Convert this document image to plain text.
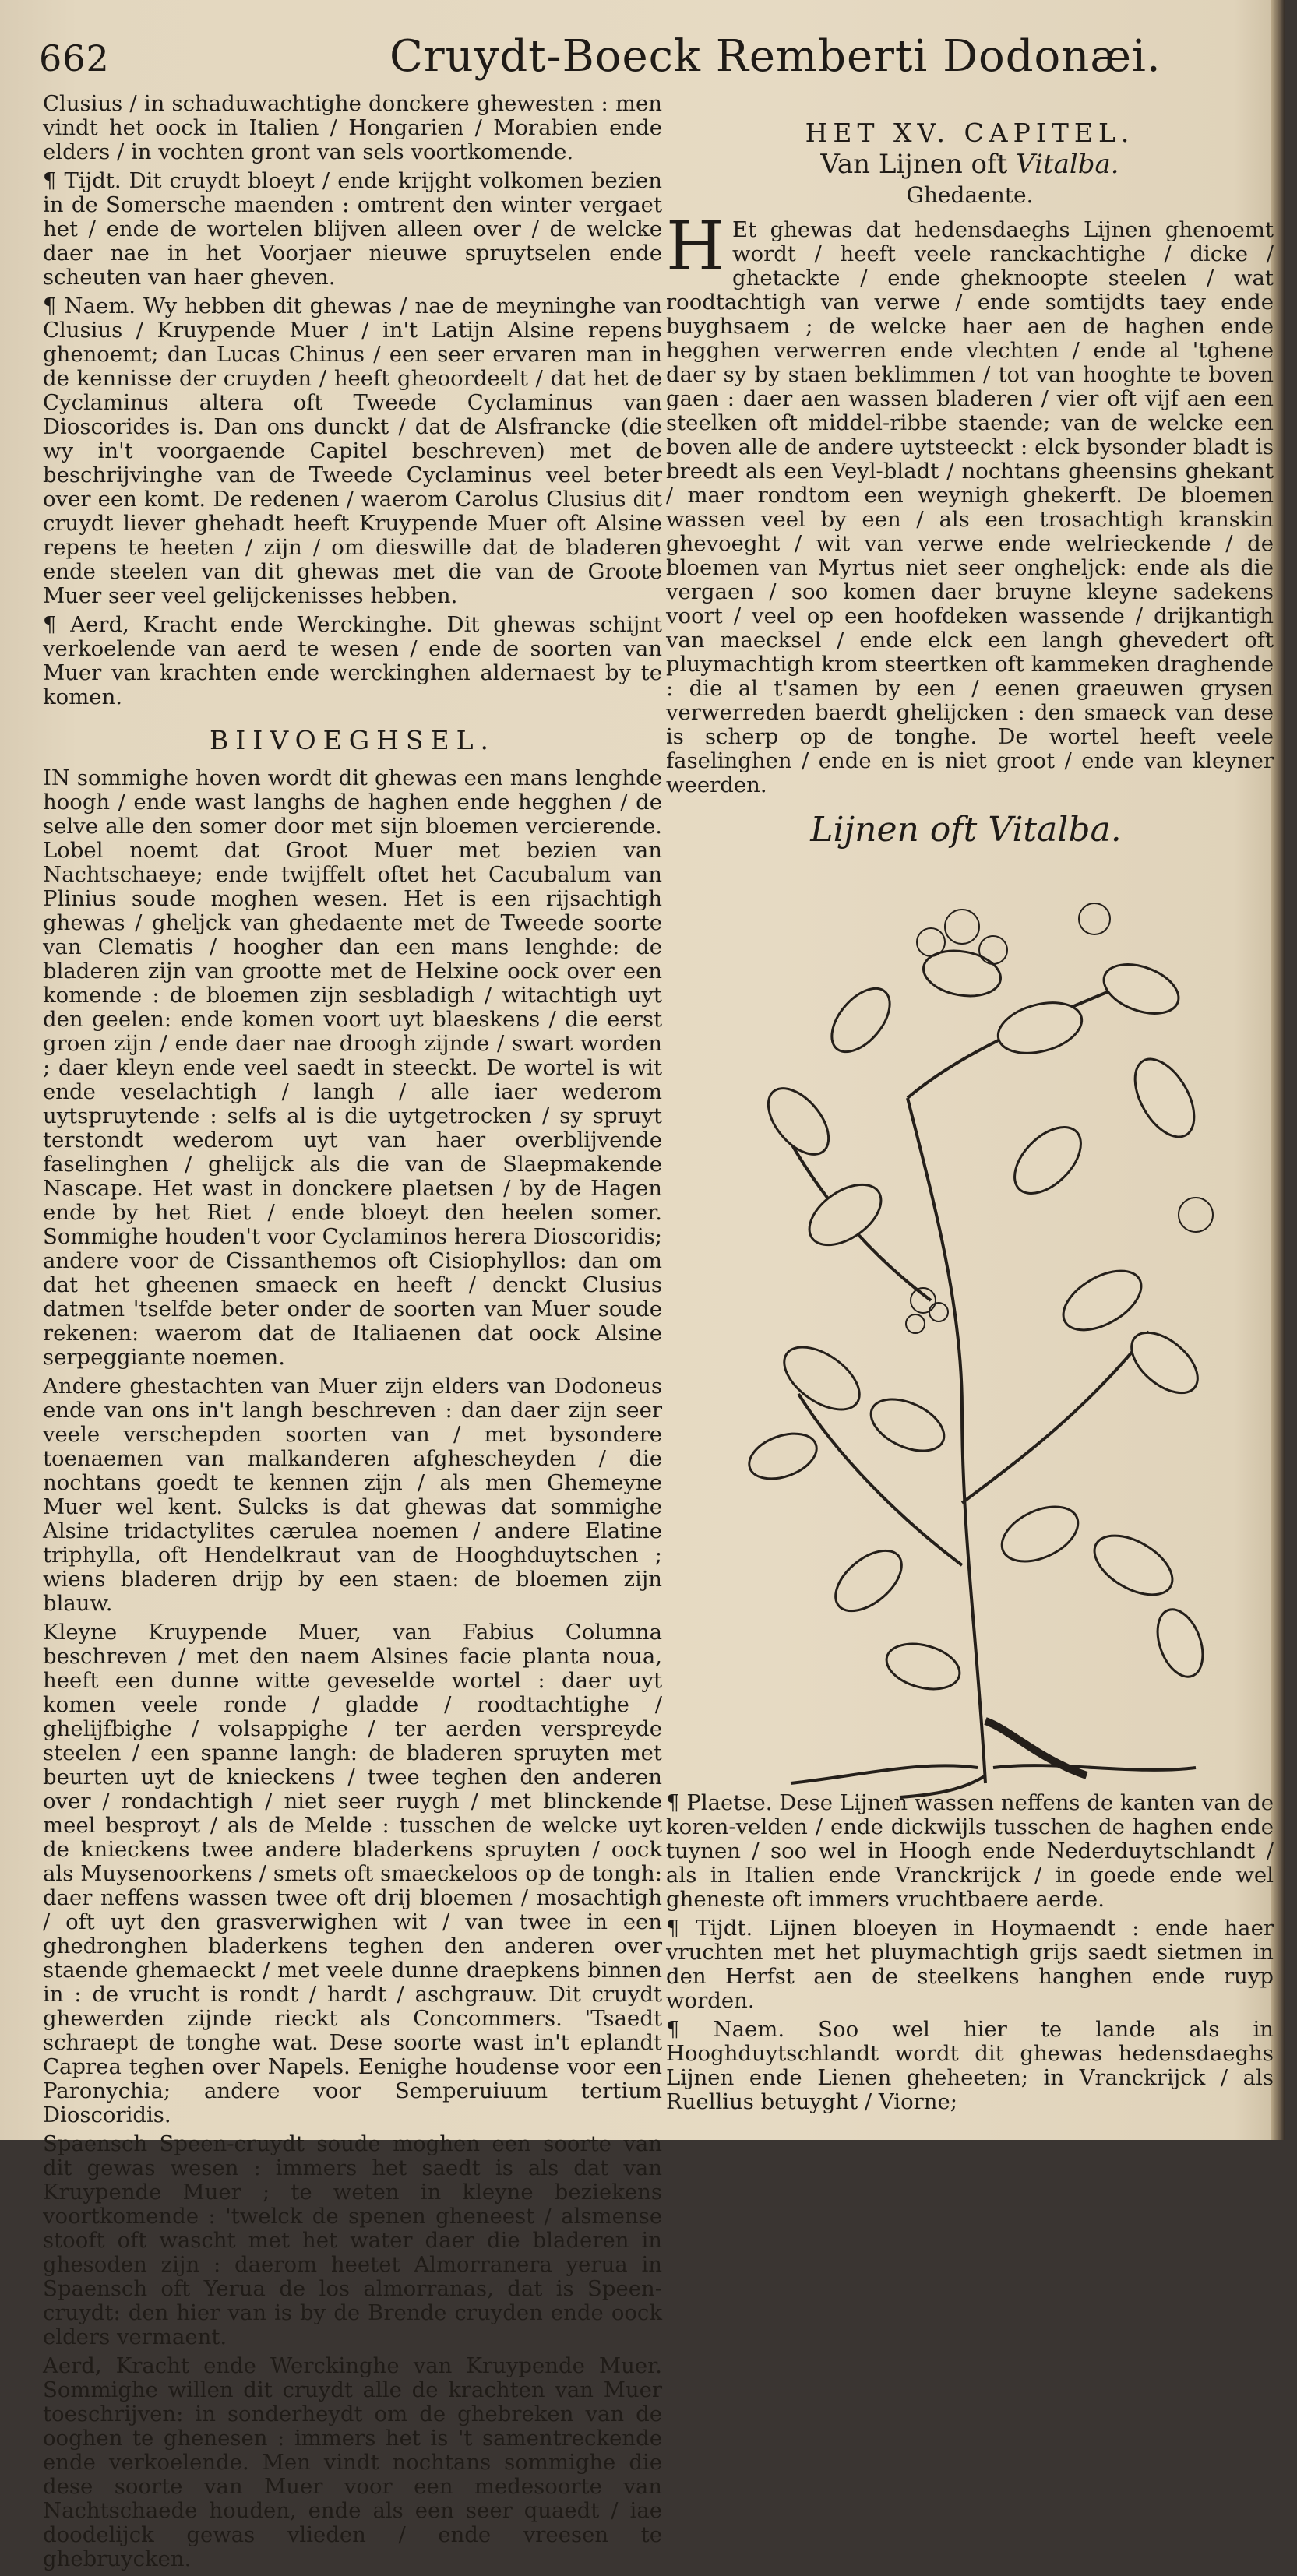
662	Cruydt-Boeck Remberti Dodonæi.

Clusius / in schaduwachtighe donckere ghewesten : men vindt het oock in Italien / Hongarien / Morabien ende elders / in vochten gront van sels voortkomende.

¶ Tijdt. Dit cruydt bloeyt / ende krijght volkomen bezien in de Somersche maenden : omtrent den winter vergaet het / ende de wortelen blijven alleen over / de welcke daer nae in het Voorjaer nieuwe spruytselen ende scheuten van haer gheven.

¶ Naem. Wy hebben dit ghewas / nae de meyninghe van Clusius / Kruypende Muer / in't Latijn Alsine repens ghenoemt; dan Lucas Chinus / een seer ervaren man in de kennisse der cruyden / heeft gheoordeelt / dat het de Cyclaminus altera oft Tweede Cyclaminus van Dioscorides is. Dan ons dunckt / dat de Alsfrancke (die wy in't voorgaende Capitel beschreven) met de beschrijvinghe van de Tweede Cyclaminus veel beter over een komt. De redenen / waerom Carolus Clusius dit cruydt liever ghehadt heeft Kruypende Muer oft Alsine repens te heeten / zijn / om dieswille dat de bladeren ende steelen van dit ghewas met die van de Groote Muer seer veel gelijckenisses hebben.

¶ Aerd, Kracht ende Werckinghe. Dit ghewas schijnt verkoelende van aerd te wesen / ende de soorten van Muer van krachten ende werckinghen aldernaest by te komen.

BIIVOEGHSEL.

IN sommighe hoven wordt dit ghewas een mans lenghde hoogh / ende wast langhs de haghen ende hegghen / de selve alle den somer door met sijn bloemen vercierende. Lobel noemt dat Groot Muer met bezien van Nachtschaeye; ende twijffelt oftet het Cacubalum van Plinius soude moghen wesen. Het is een rijsachtigh ghewas / gheljck van ghedaente met de Tweede soorte van Clematis / hoogher dan een mans lenghde: de bladeren zijn van grootte met de Helxine oock over een komende : de bloemen zijn sesbladigh / witachtigh uyt den geelen: ende komen voort uyt blaeskens / die eerst groen zijn / ende daer nae droogh zijnde / swart worden ; daer kleyn ende veel saedt in steeckt. De wortel is wit ende veselachtigh / langh / alle iaer wederom uytspruytende : selfs al is die uytgetrocken / sy spruyt terstondt wederom uyt van haer overblijvende faselinghen / ghelijck als die van de Slaepmakende Nascape. Het wast in donckere plaetsen / by de Hagen ende by het Riet / ende bloeyt den heelen somer. Sommighe houden't voor Cyclaminos herera Dioscoridis; andere voor de Cissanthemos oft Cisiophyllos: dan om dat het gheenen smaeck en heeft / denckt Clusius datmen 'tselfde beter onder de soorten van Muer soude rekenen: waerom dat de Italiaenen dat oock Alsine serpeggiante noemen.

Andere ghestachten van Muer zijn elders van Dodoneus ende van ons in't langh beschreven : dan daer zijn seer veele verschepden soorten van / met bysondere toenaemen van malkanderen afghescheyden / die nochtans goedt te kennen zijn / als men Ghemeyne Muer wel kent. Sulcks is dat ghewas dat sommighe Alsine tridactylites cærulea noemen / andere Elatine triphylla, oft Hendelkraut van de Hooghduytschen ; wiens bladeren drijp by een staen: de bloemen zijn blauw.

Kleyne Kruypende Muer, van Fabius Columna beschreven / met den naem Alsines facie planta noua, heeft een dunne witte geveselde wortel : daer uyt komen veele ronde / gladde / roodtachtighe / ghelijfbighe / volsappighe / ter aerden verspreyde steelen / een spanne langh: de bladeren spruyten met beurten uyt de knieckens / twee teghen den anderen over / rondachtigh / niet seer ruygh / met blinckende meel besproyt / als de Melde : tusschen de welcke uyt de knieckens twee andere bladerkens spruyten / oock als Muysenoorkens / smets oft smaeckeloos op de tongh: daer neffens wassen twee oft drij bloemen / mosachtigh / oft uyt den grasverwighen wit / van twee in een ghedronghen bladerkens teghen den anderen over staende ghemaeckt / met veele dunne draepkens binnen in : de vrucht is rondt / hardt / aschgrauw. Dit cruydt ghewerden zijnde rieckt als Concommers. 'Tsaedt schraept de tonghe wat. Dese soorte wast in't eplandt Caprea teghen over Napels. Eenighe houdense voor een Paronychia; andere voor Semperuiuum tertium Dioscoridis.

Spaensch Speen-cruydt soude moghen een soorte van dit gewas wesen : immers het saedt is als dat van Kruypende Muer ; te weten in kleyne beziekens voortkomende : 'twelck de spenen gheneest / alsmense stooft oft wascht met het water daer die bladeren in ghesoden zijn : daerom heetet Almorranera yerua in Spaensch oft Yerua de los almorranas, dat is Speen-cruydt: den hier van is by de Brende cruyden ende oock elders vermaent.

Aerd, Kracht ende Werckinghe van Kruypende Muer. Sommighe willen dit cruydt alle de krachten van Muer toeschrijven: in sonderheydt om de ghebreken van de ooghen te ghenesen : immers het is 't samentreckende ende verkoelende. Men vindt nochtans sommighe die dese soorte van Muer voor een medesoorte van Nachtschaede houden, ende als een seer quaedt / iae doodelijck gewas vlieden / ende vreesen te ghebruycken.

HET XV. CAPITEL.
Van Lijnen oft Vitalba.
Ghedaente.

H Et ghewas dat hedensdaeghs Lijnen ghenoemt wordt / heeft veele ranckachtighe / dicke / ghetackte / ende gheknoopte steelen / wat roodtachtigh van verwe / ende somtijdts taey ende buyghsaem ; de welcke haer aen de haghen ende hegghen verwerren ende vlechten / ende al 'tghene daer sy by staen beklimmen / tot van hooghte te boven gaen : daer aen wassen bladeren / vier oft vijf aen een steelken oft middel-ribbe staende; van de welcke een boven alle de andere uytsteeckt : elck bysonder bladt is breedt als een Veyl-bladt / nochtans gheensins ghekant / maer rondtom een weynigh ghekerft. De bloemen wassen veel by een / als een trosachtigh kranskin ghevoeght / wit van verwe ende welrieckende / de bloemen van Myrtus niet seer ongheljck: ende als die vergaen / soo komen daer bruyne kleyne sadekens voort / veel op een hoofdeken wassende / drijkantigh van maecksel / ende elck een langh ghevedert oft pluymachtigh krom steertken oft kammeken draghende : die al t'samen by een / eenen graeuwen grysen verwerreden baerdt ghelijcken : den smaeck van dese is scherp op de tonghe. De wortel heeft veele faselinghen / ende en is niet groot / ende van kleyner weerden.

Lijnen oft Vitalba.

¶ Plaetse. Dese Lijnen wassen neffens de kanten van de koren-velden / ende dickwijls tusschen de haghen ende tuynen / soo wel in Hoogh ende Nederduytschlandt / als in Italien ende Vranckrijck / in goede ende wel gheneste oft immers vruchtbaere aerde.

¶ Tijdt. Lijnen bloeyen in Hoymaendt : ende haer vruchten met het pluymachtigh grijs saedt sietmen in den Herfst aen de steelkens hanghen ende ruyp worden.

¶ Naem. Soo wel hier te lande als in Hooghduytschlandt wordt dit ghewas hedensdaeghs Lijnen ende Lienen gheheeten; in Vranckrijck / als Ruellius betuyght / Viorne;
